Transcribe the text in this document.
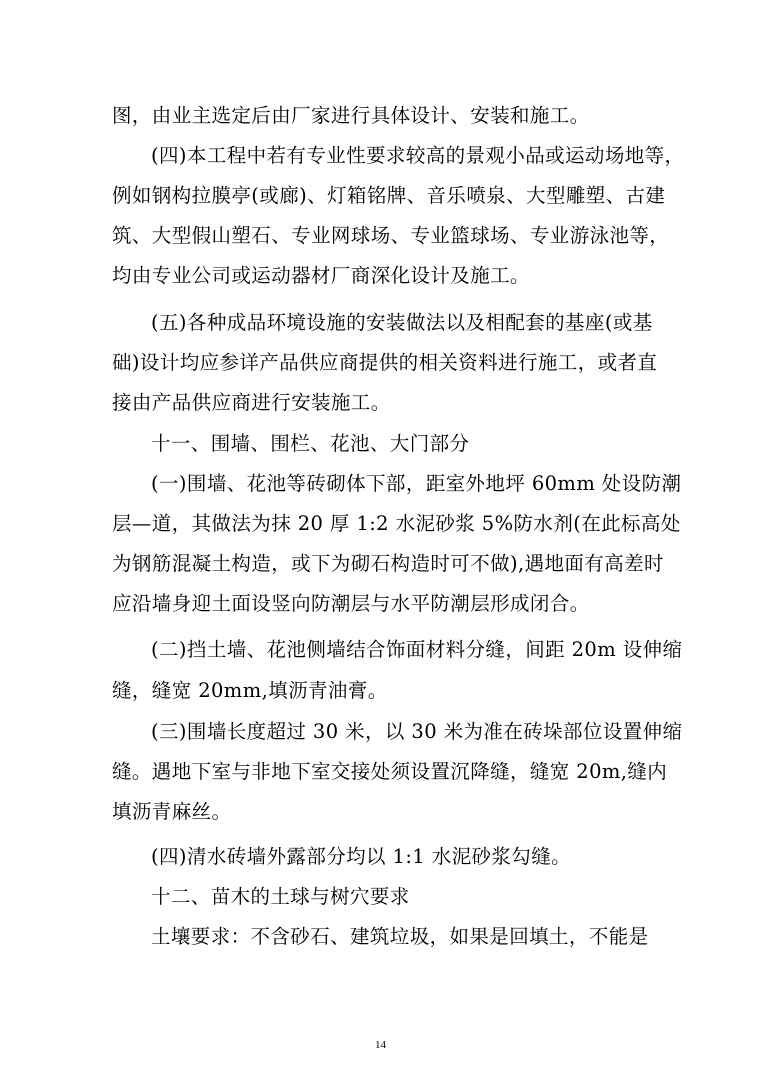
图，由业主选定后由厂家进行具体设计、安装和施工。
(四)本工程中若有专业性要求较高的景观小品或运动场地等，
例如钢构拉膜亭(或廊)、灯箱铭牌、音乐喷泉、大型雕塑、古建
筑、大型假山塑石、专业网球场、专业篮球场、专业游泳池等，
均由专业公司或运动器材厂商深化设计及施工。
(五)各种成品环境设施的安装做法以及相配套的基座(或基
础)设计均应参详产品供应商提供的相关资料进行施工，或者直
接由产品供应商进行安装施工。
十一、围墙、围栏、花池、大门部分
(一)围墙、花池等砖砌体下部，距室外地坪 60mm 处设防潮
层—道，其做法为抹 20 厚 1:2 水泥砂浆 5%防水剂(在此标高处
为钢筋混凝土构造，或下为砌石构造时可不做),遇地面有高差时
应沿墙身迎土面设竖向防潮层与水平防潮层形成闭合。
(二)挡土墙、花池侧墙结合饰面材料分缝，间距 20m 设伸缩
缝，缝宽 20mm,填沥青油膏。
(三)围墙长度超过 30 米，以 30 米为准在砖垛部位设置伸缩
缝。遇地下室与非地下室交接处须设置沉降缝，缝宽 20m,缝内
填沥青麻丝。
(四)清水砖墙外露部分均以 1:1 水泥砂浆勾缝。
十二、苗木的土球与树穴要求
土壤要求：不含砂石、建筑垃圾，如果是回填土，不能是
14
